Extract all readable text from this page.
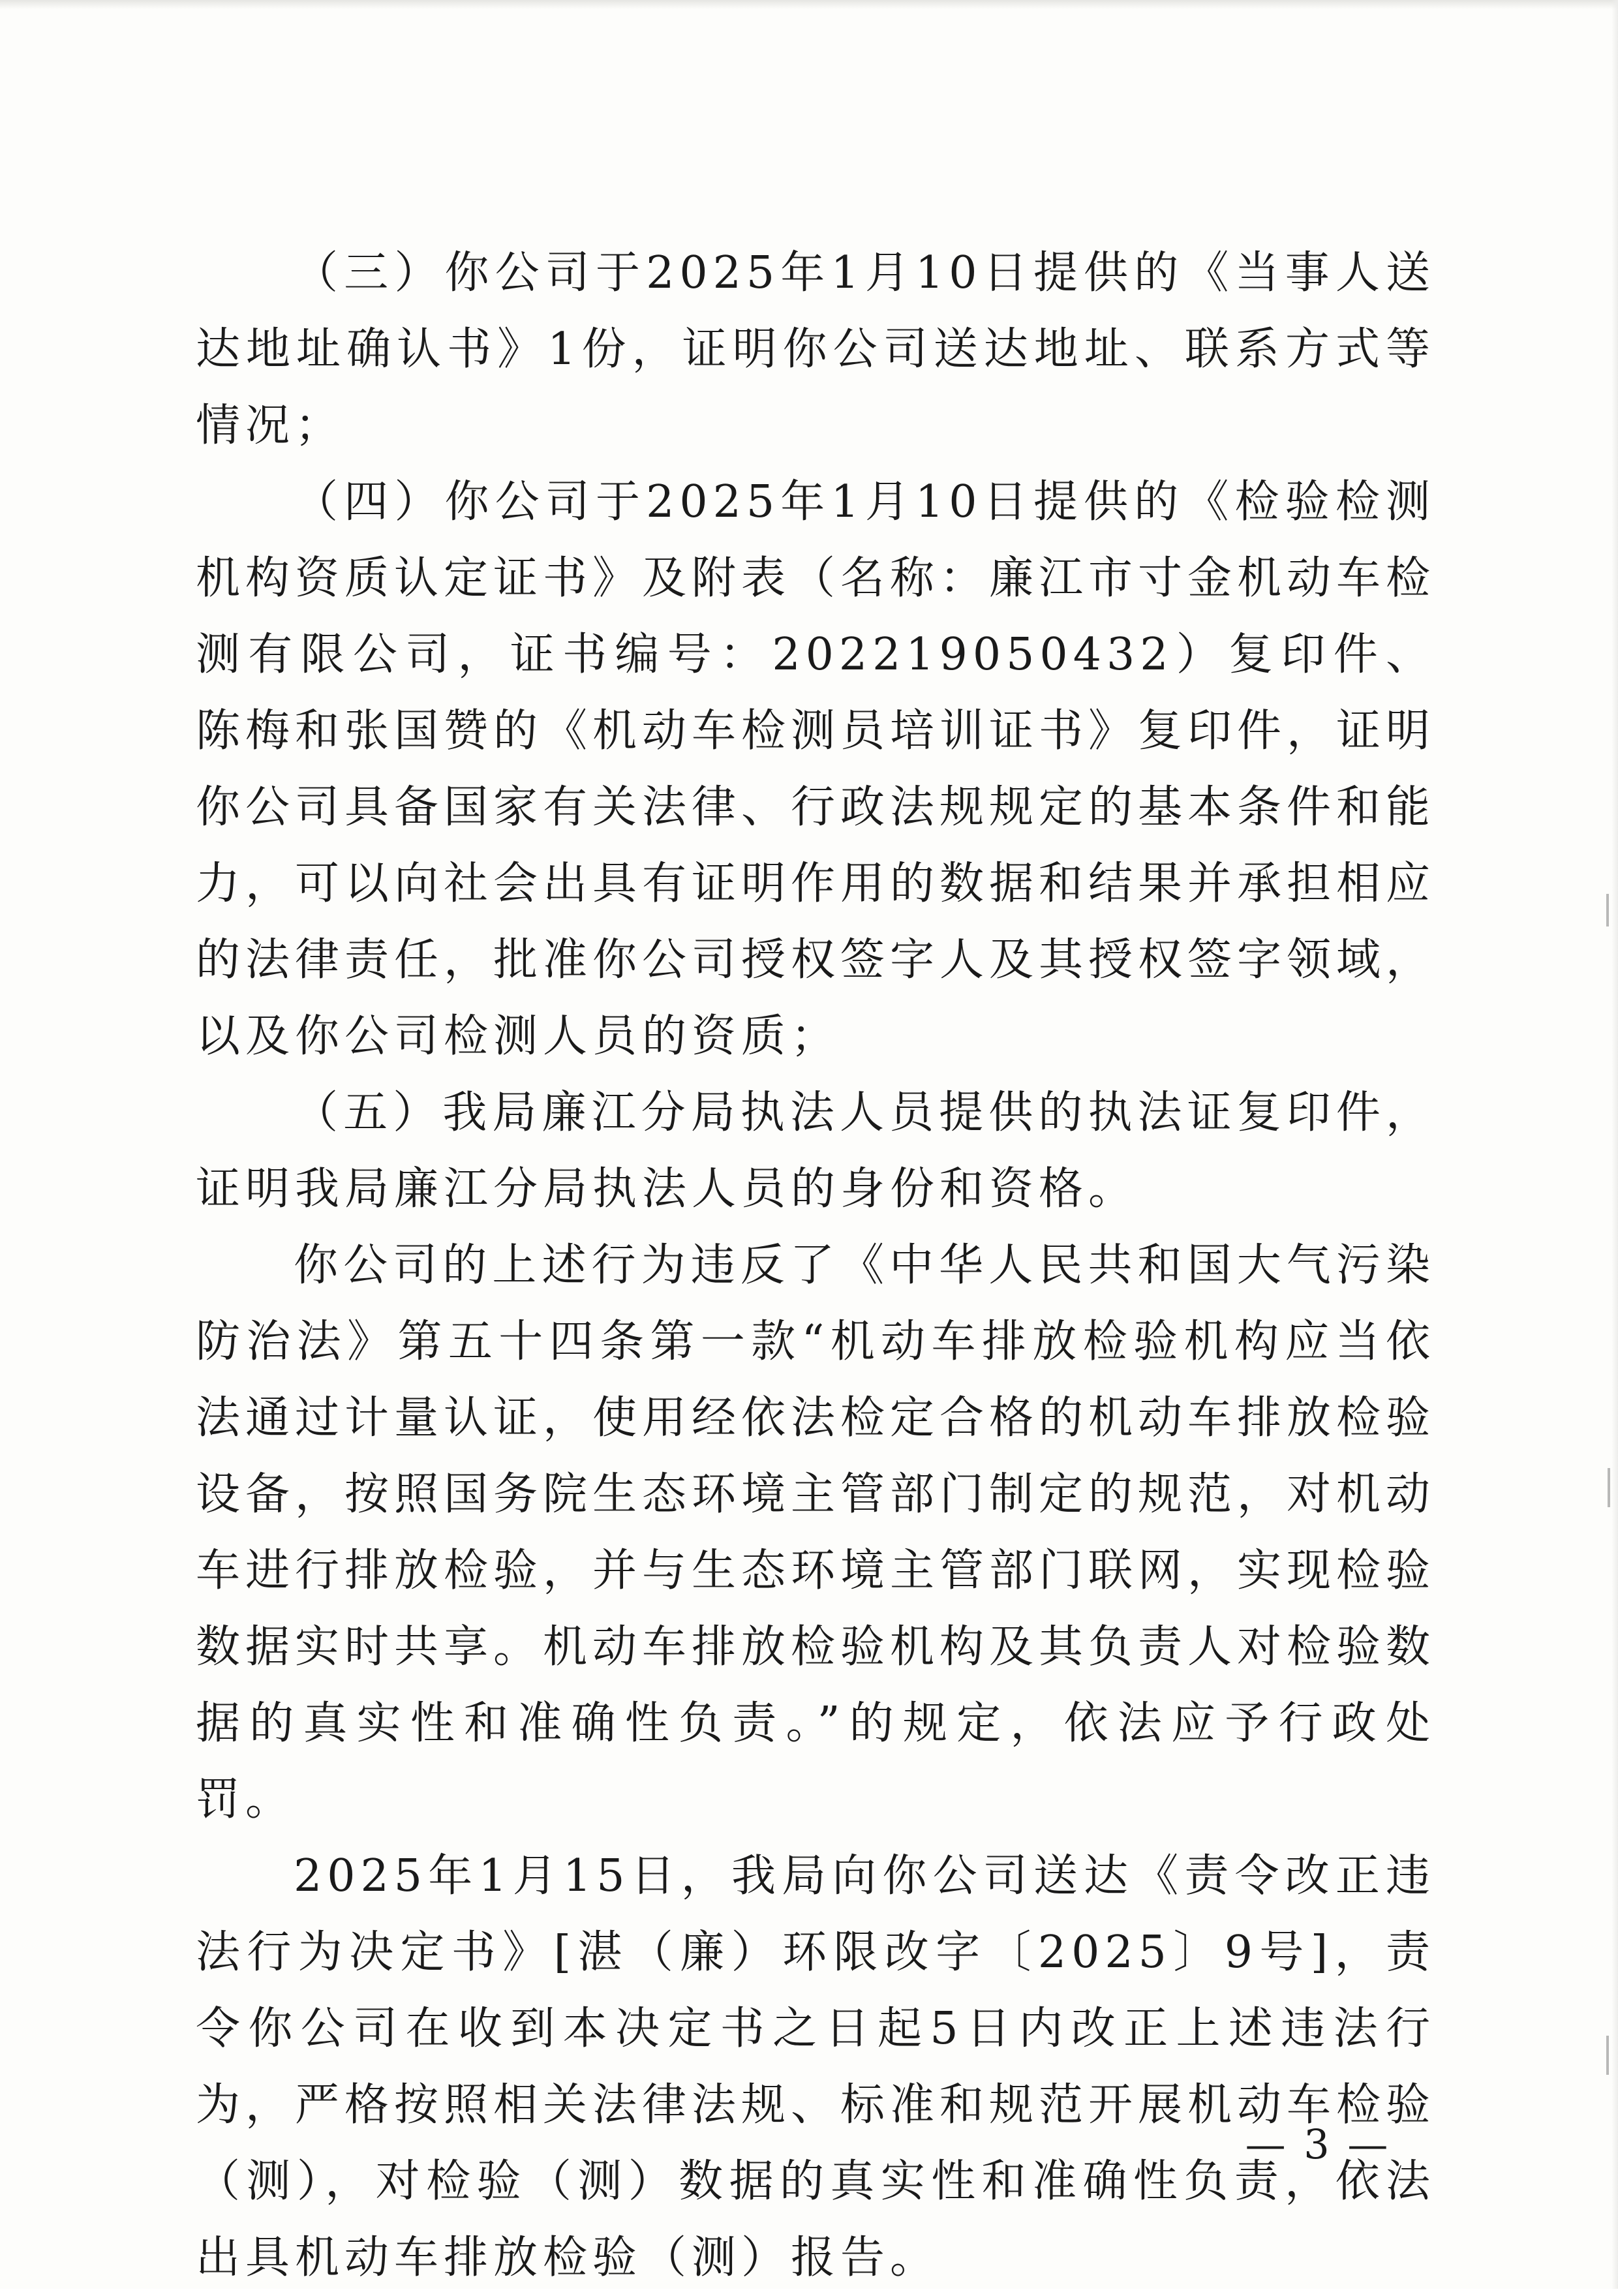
（三）你公司于2025年1月10日提供的《当事人送达地址确认书》1份，证明你公司送达地址、联系方式等情况；

（四）你公司于2025年1月10日提供的《检验检测机构资质认定证书》及附表（名称：廉江市寸金机动车检测有限公司，证书编号：202219050432）复印件、陈梅和张国赞的《机动车检测员培训证书》复印件，证明你公司具备国家有关法律、行政法规规定的基本条件和能力，可以向社会出具有证明作用的数据和结果并承担相应的法律责任，批准你公司授权签字人及其授权签字领域，以及你公司检测人员的资质；

（五）我局廉江分局执法人员提供的执法证复印件，证明我局廉江分局执法人员的身份和资格。

你公司的上述行为违反了《中华人民共和国大气污染防治法》第五十四条第一款“机动车排放检验机构应当依法通过计量认证，使用经依法检定合格的机动车排放检验设备，按照国务院生态环境主管部门制定的规范，对机动车进行排放检验，并与生态环境主管部门联网，实现检验数据实时共享。机动车排放检验机构及其负责人对检验数据的真实性和准确性负责。”的规定，依法应予行政处罚。

2025年1月15日，我局向你公司送达《责令改正违法行为决定书》[湛（廉）环限改字〔2025〕9号]，责令你公司在收到本决定书之日起5日内改正上述违法行为，严格按照相关法律法规、标准和规范开展机动车检验（测），对检验（测）数据的真实性和准确性负责，依法出具机动车排放检验（测）报告。

— 3 —
